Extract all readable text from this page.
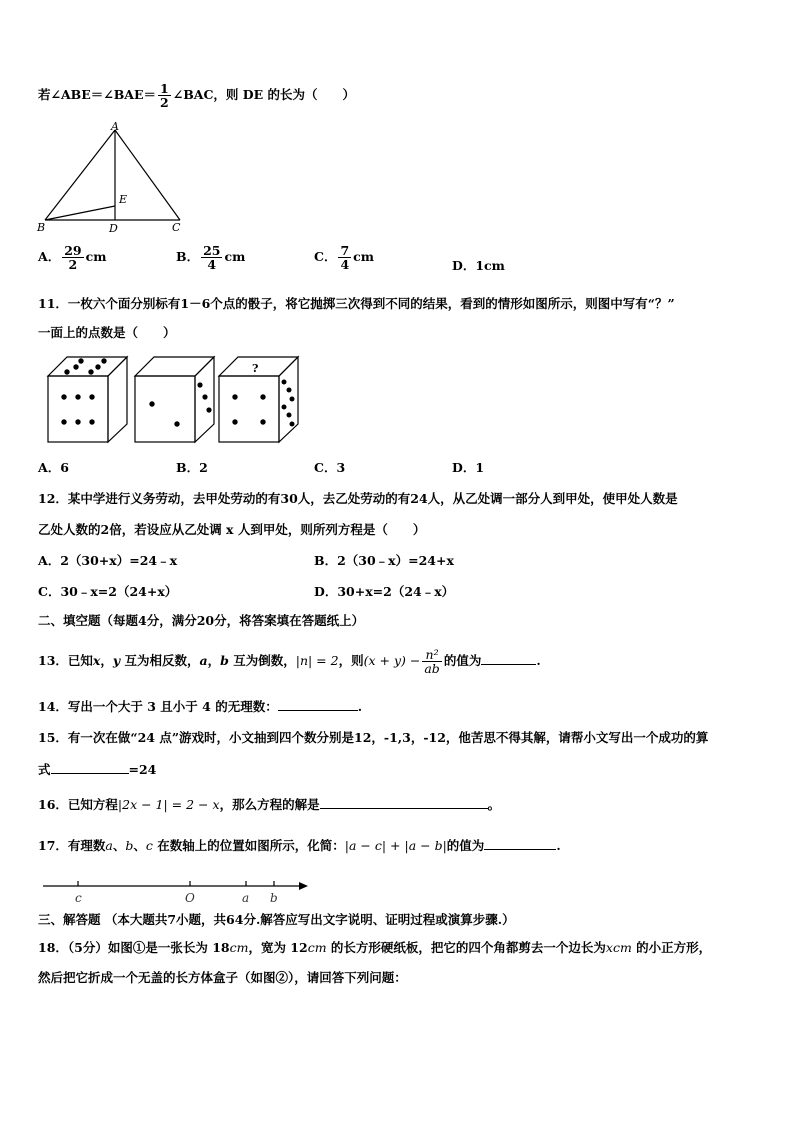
若∠ABE＝∠BAE＝ $\frac{1}{2}$ ∠BAC，则 DE 的长为（　　）
A
B	C
D
E
A． $\frac{29}{2}$ cm	B． $\frac{25}{4}$ cm	C． $\frac{7}{4}$ cm
D．1cm
11．一枚六个面分别标有1－6个点的骰子，将它抛掷三次得到不同的结果，看到的情形如图所示，则图中写有“？”
一面上的点数是（　　）
?
A．6	B．2	C．3	D．1
12．某中学进行义务劳动，去甲处劳动的有30人，去乙处劳动的有24人，从乙处调一部分人到甲处，使甲处人数是
乙处人数的2倍，若设应从乙处调 x 人到甲处，则所列方程是（　　）
A．2（30+x）=24﹣x	B．2（30﹣x）=24+x
C．30﹣x=2（24+x）	D．30+x=2（24﹣x）
二、填空题（每题4分，满分20分，将答案填在答题纸上）
13．已知x，y 互为相反数，a，b 互为倒数，|n| = 2，则$(x + y) - \frac{\text{n²}}{ab}$ 的值为	.
14．写出一个大于 3 且小于 4 的无理数：	.
15．有一次在做“24 点”游戏时，小文抽到四个数分别是12，-1,3，-12，他苦思不得其解，请帮小文写出一个成功的算
式	=24
16．已知方程|2x − 1| = 2 − x，那么方程的解是	。
17．有理数a、b、c 在数轴上的位置如图所示，化简：|a − c| + |a − b|的值为	.
c	O	a b
三、解答题 （本大题共7小题，共64分.解答应写出文字说明、证明过程或演算步骤.）
18．（5分）如图①是一张长为 18cm，宽为 12cm 的长方形硬纸板，把它的四个角都剪去一个边长为xcm 的小正方形，
然后把它折成一个无盖的长方体盒子（如图②），请回答下列问题：
